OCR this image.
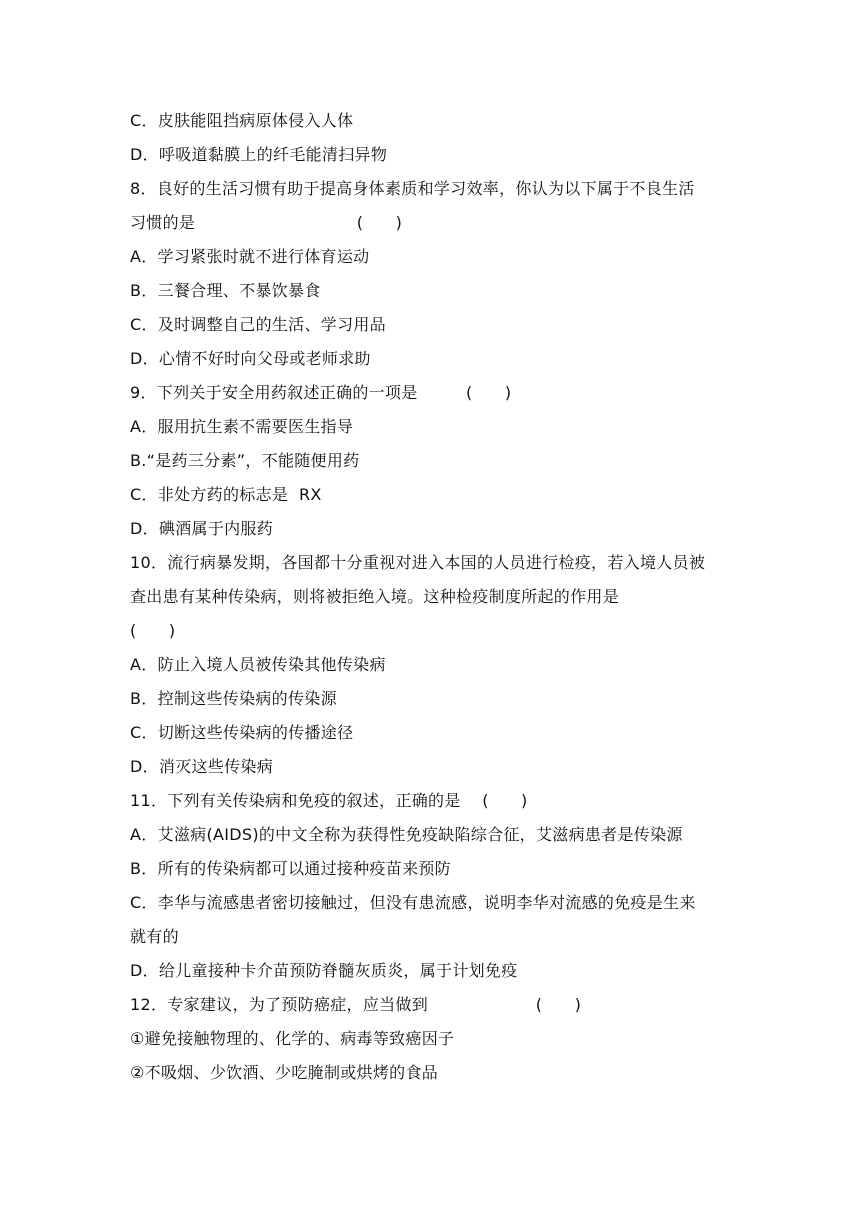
C．皮肤能阻挡病原体侵入人体
D．呼吸道黏膜上的纤毛能清扫异物
8．良好的生活习惯有助于提高身体素质和学习效率，你认为以下属于不良生活
习惯的是                              (      )
A．学习紧张时就不进行体育运动
B．三餐合理、不暴饮暴食
C．及时调整自己的生活、学习用品
D．心情不好时向父母或老师求助
9．下列关于安全用药叙述正确的一项是         (      )
A．服用抗生素不需要医生指导
B.“是药三分素”，不能随便用药
C．非处方药的标志是  RX
D．碘酒属于内服药
10．流行病暴发期，各国都十分重视对进入本国的人员进行检疫，若入境人员被
查出患有某种传染病，则将被拒绝入境。这种检疫制度所起的作用是
(      )
A．防止入境人员被传染其他传染病
B．控制这些传染病的传染源
C．切断这些传染病的传播途径
D．消灭这些传染病
11．下列有关传染病和免疫的叙述，正确的是    (      )
A．艾滋病(AIDS)的中文全称为获得性免疫缺陷综合征，艾滋病患者是传染源
B．所有的传染病都可以通过接种疫苗来预防
C．李华与流感患者密切接触过，但没有患流感，说明李华对流感的免疫是生来
就有的
D．给儿童接种卡介苗预防脊髓灰质炎，属于计划免疫
12．专家建议，为了预防癌症，应当做到                    (      )
①避免接触物理的、化学的、病毒等致癌因子
②不吸烟、少饮酒、少吃腌制或烘烤的食品
